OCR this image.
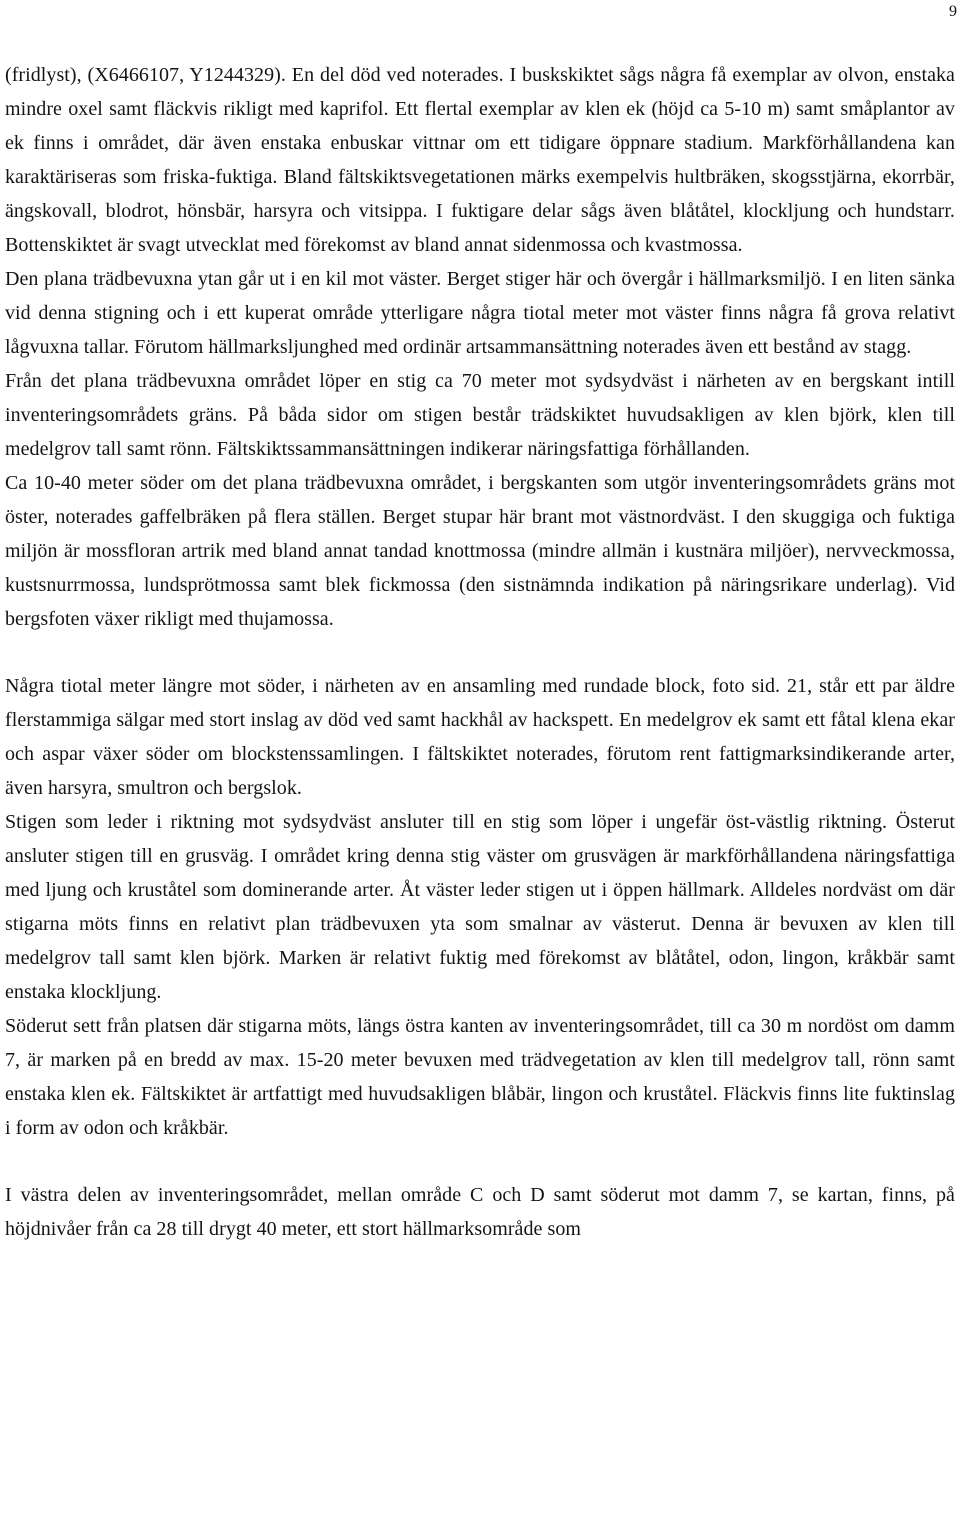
9

(fridlyst), (X6466107, Y1244329). En del död ved noterades. I buskskiktet sågs några få exemplar av olvon, enstaka mindre oxel samt fläckvis rikligt med kaprifol. Ett flertal exemplar av klen ek (höjd ca 5-10 m) samt småplantor av ek finns i området, där även enstaka enbuskar vittnar om ett tidigare öppnare stadium. Markförhållandena kan karaktäriseras som friska-fuktiga. Bland fältskiktsvegetationen märks exempelvis hultbräken, skogsstjärna, ekorrbär, ängskovall, blodrot, hönsbär, harsyra och vitsippa. I fuktigare delar sågs även blåtåtel, klockljung och hundstarr. Bottenskiktet är svagt utvecklat med förekomst av bland annat sidenmossa och kvastmossa.

Den plana trädbevuxna ytan går ut i en kil mot väster. Berget stiger här och övergår i hällmarksmiljö. I en liten sänka vid denna stigning och i ett kuperat område ytterligare några tiotal meter mot väster finns några få grova relativt lågvuxna tallar. Förutom hällmarksljunghed med ordinär artsammansättning noterades även ett bestånd av stagg.

Från det plana trädbevuxna området löper en stig ca 70 meter mot sydsydväst i närheten av en bergskant intill inventeringsområdets gräns. På båda sidor om stigen består trädskiktet huvudsakligen av klen björk, klen till medelgrov tall samt rönn. Fältskiktssammansättningen indikerar näringsfattiga förhållanden.

Ca 10-40 meter söder om det plana trädbevuxna området, i bergskanten som utgör inventeringsområdets gräns mot öster, noterades gaffelbräken på flera ställen. Berget stupar här brant mot västnordväst. I den skuggiga och fuktiga miljön är mossfloran artrik med bland annat tandad knottmossa (mindre allmän i kustnära miljöer), nervveckmossa, kustsnurrmossa, lundsprötmossa samt blek fickmossa (den sistnämnda indikation på näringsrikare underlag). Vid bergsfoten växer rikligt med thujamossa.

Några tiotal meter längre mot söder, i närheten av en ansamling med rundade block, foto sid. 21, står ett par äldre flerstammiga sälgar med stort inslag av död ved samt hackhål av hackspett. En medelgrov ek samt ett fåtal klena ekar och aspar växer söder om blockstenssamlingen. I fältskiktet noterades, förutom rent fattigmarksindikerande arter, även harsyra, smultron och bergslok.

Stigen som leder i riktning mot sydsydväst ansluter till en stig som löper i ungefär öst-västlig riktning. Österut ansluter stigen till en grusväg. I området kring denna stig väster om grusvägen är markförhållandena näringsfattiga med ljung och kruståtel som dominerande arter. Åt väster leder stigen ut i öppen hällmark. Alldeles nordväst om där stigarna möts finns en relativt plan trädbevuxen yta som smalnar av västerut. Denna är bevuxen av klen till medelgrov tall samt klen björk. Marken är relativt fuktig med förekomst av blåtåtel, odon, lingon, kråkbär samt enstaka klockljung.

Söderut sett från platsen där stigarna möts, längs östra kanten av inventeringsområdet, till ca 30 m nordöst om damm 7, är marken på en bredd av max. 15-20 meter bevuxen med trädvegetation av klen till medelgrov tall, rönn samt enstaka klen ek. Fältskiktet är artfattigt med huvudsakligen blåbär, lingon och kruståtel. Fläckvis finns lite fuktinslag i form av odon och kråkbär.

I västra delen av inventeringsområdet, mellan område C och D samt söderut mot damm 7, se kartan, finns, på höjdnivåer från ca 28 till drygt 40 meter, ett stort hällmarksområde som
